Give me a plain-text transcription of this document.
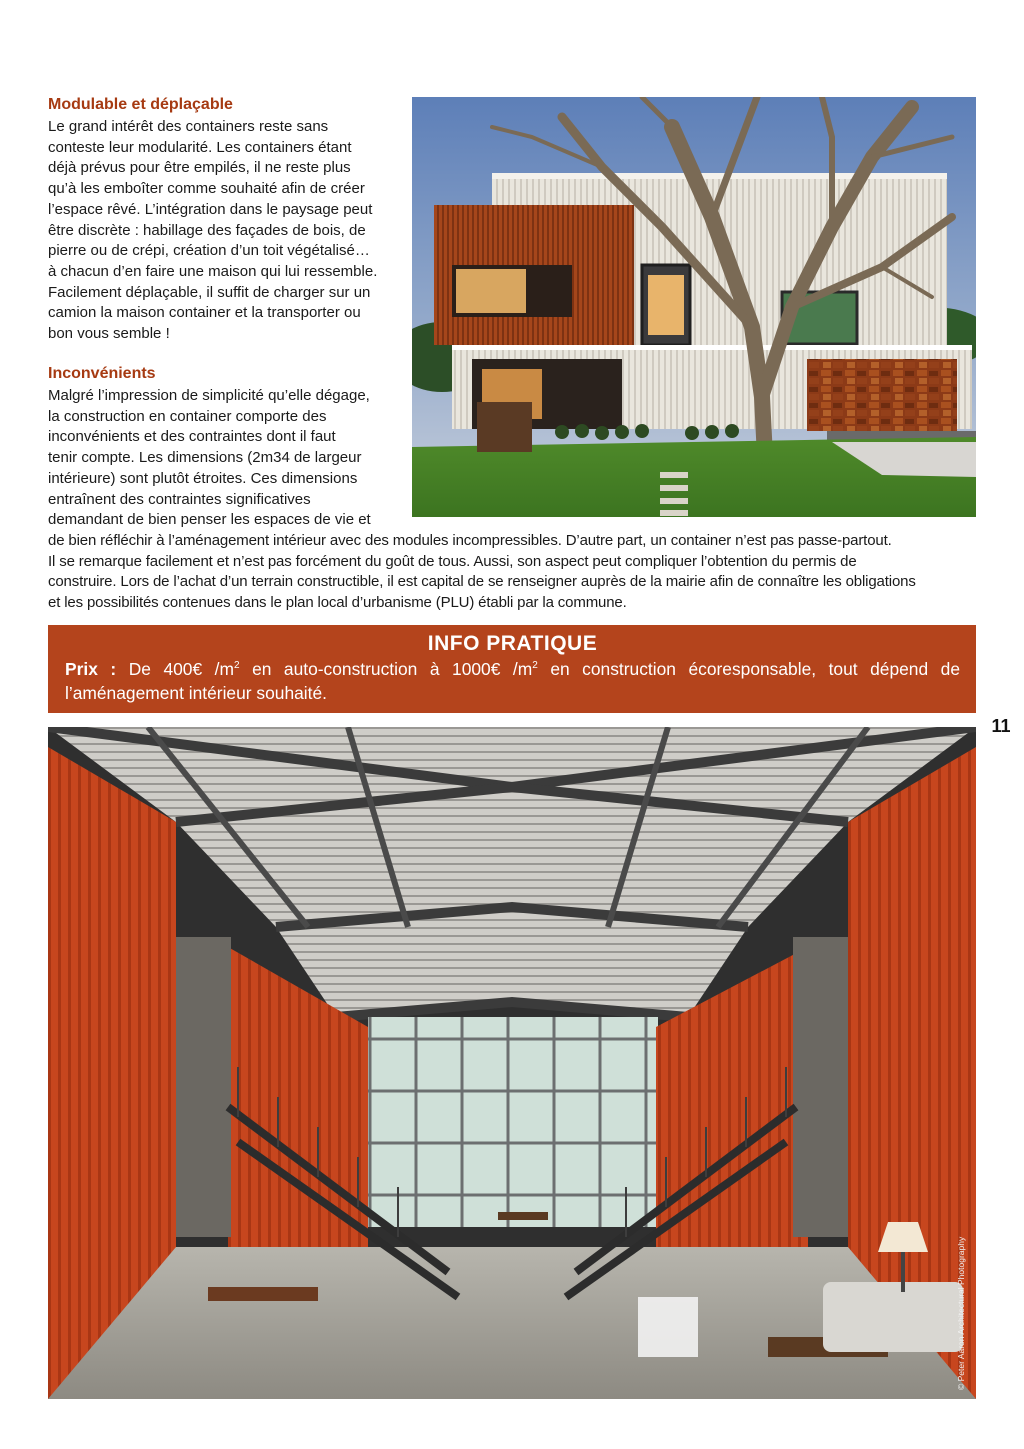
Modulable et déplaçable

Le grand intérêt des containers reste sans

conteste leur modularité. Les containers étant

déjà prévus pour être empilés, il ne reste plus

qu’à les emboîter comme souhaité afin de créer

l’espace rêvé. L’intégration dans le paysage peut

être discrète : habillage des façades de bois, de

pierre ou de crépi, création d’un toit végétalisé…

à chacun d’en faire une maison qui lui ressemble.

Facilement déplaçable, il suffit de charger sur un

camion la maison container et la transporter ou

bon vous semble !

Inconvénients

Malgré l’impression de simplicité qu’elle dégage,

la construction en container comporte des

inconvénients et des contraintes dont il faut

tenir compte. Les dimensions (2m34 de largeur

intérieure) sont plutôt étroites. Ces dimensions

entraînent des contraintes significatives

demandant de bien penser les espaces de vie et

de bien réfléchir à l’aménagement intérieur avec des modules incompressibles. D’autre part, un container n’est pas passe-partout.

Il se remarque facilement et n’est pas forcément du goût de tous. Aussi, son aspect peut compliquer l’obtention du permis de

construire. Lors de l’achat d’un terrain constructible, il est capital de se renseigner auprès de la mairie afin de connaître les obligations

et les possibilités contenues dans le plan local d’urbanisme (PLU) établi par la commune.

INFO PRATIQUE

Prix : De 400€ $/m^2$ en auto-construction à 1000€ $/m^2$ en construction écoresponsable, tout dépend de l’aménagement intérieur souhaité.

11
© Peter Aaron Architectural Photography
